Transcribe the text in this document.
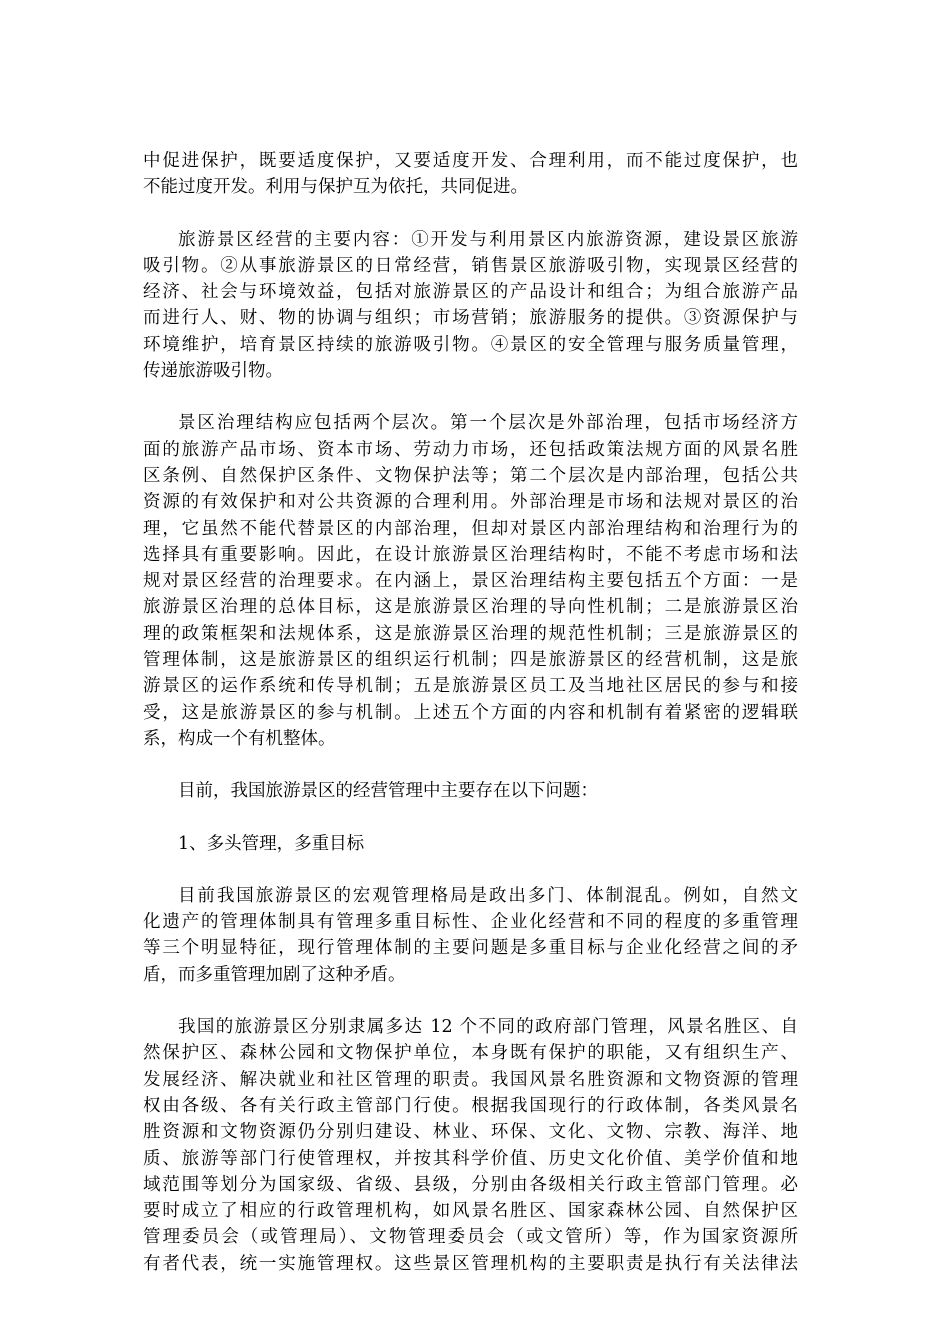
中促进保护，既要适度保护，又要适度开发、合理利用，而不能过度保护，也
不能过度开发。利用与保护互为依托，共同促进。
旅游景区经营的主要内容：①开发与利用景区内旅游资源，建设景区旅游
吸引物。②从事旅游景区的日常经营，销售景区旅游吸引物，实现景区经营的
经济、社会与环境效益，包括对旅游景区的产品设计和组合；为组合旅游产品
而进行人、财、物的协调与组织；市场营销；旅游服务的提供。③资源保护与
环境维护，培育景区持续的旅游吸引物。④景区的安全管理与服务质量管理，
传递旅游吸引物。
景区治理结构应包括两个层次。第一个层次是外部治理，包括市场经济方
面的旅游产品市场、资本市场、劳动力市场，还包括政策法规方面的风景名胜
区条例、自然保护区条件、文物保护法等；第二个层次是内部治理，包括公共
资源的有效保护和对公共资源的合理利用。外部治理是市场和法规对景区的治
理，它虽然不能代替景区的内部治理，但却对景区内部治理结构和治理行为的
选择具有重要影响。因此，在设计旅游景区治理结构时，不能不考虑市场和法
规对景区经营的治理要求。在内涵上，景区治理结构主要包括五个方面：一是
旅游景区治理的总体目标，这是旅游景区治理的导向性机制；二是旅游景区治
理的政策框架和法规体系，这是旅游景区治理的规范性机制；三是旅游景区的
管理体制，这是旅游景区的组织运行机制；四是旅游景区的经营机制，这是旅
游景区的运作系统和传导机制；五是旅游景区员工及当地社区居民的参与和接
受，这是旅游景区的参与机制。上述五个方面的内容和机制有着紧密的逻辑联
系，构成一个有机整体。
目前，我国旅游景区的经营管理中主要存在以下问题：
1、多头管理，多重目标
目前我国旅游景区的宏观管理格局是政出多门、体制混乱。例如，自然文
化遗产的管理体制具有管理多重目标性、企业化经营和不同的程度的多重管理
等三个明显特征，现行管理体制的主要问题是多重目标与企业化经营之间的矛
盾，而多重管理加剧了这种矛盾。
我国的旅游景区分别隶属多达 12 个不同的政府部门管理，风景名胜区、自
然保护区、森林公园和文物保护单位，本身既有保护的职能，又有组织生产、
发展经济、解决就业和社区管理的职责。我国风景名胜资源和文物资源的管理
权由各级、各有关行政主管部门行使。根据我国现行的行政体制，各类风景名
胜资源和文物资源仍分别归建设、林业、环保、文化、文物、宗教、海洋、地
质、旅游等部门行使管理权，并按其科学价值、历史文化价值、美学价值和地
域范围等划分为国家级、省级、县级，分别由各级相关行政主管部门管理。必
要时成立了相应的行政管理机构，如风景名胜区、国家森林公园、自然保护区
管理委员会（或管理局）、文物管理委员会（或文管所）等，作为国家资源所
有者代表，统一实施管理权。这些景区管理机构的主要职责是执行有关法律法
